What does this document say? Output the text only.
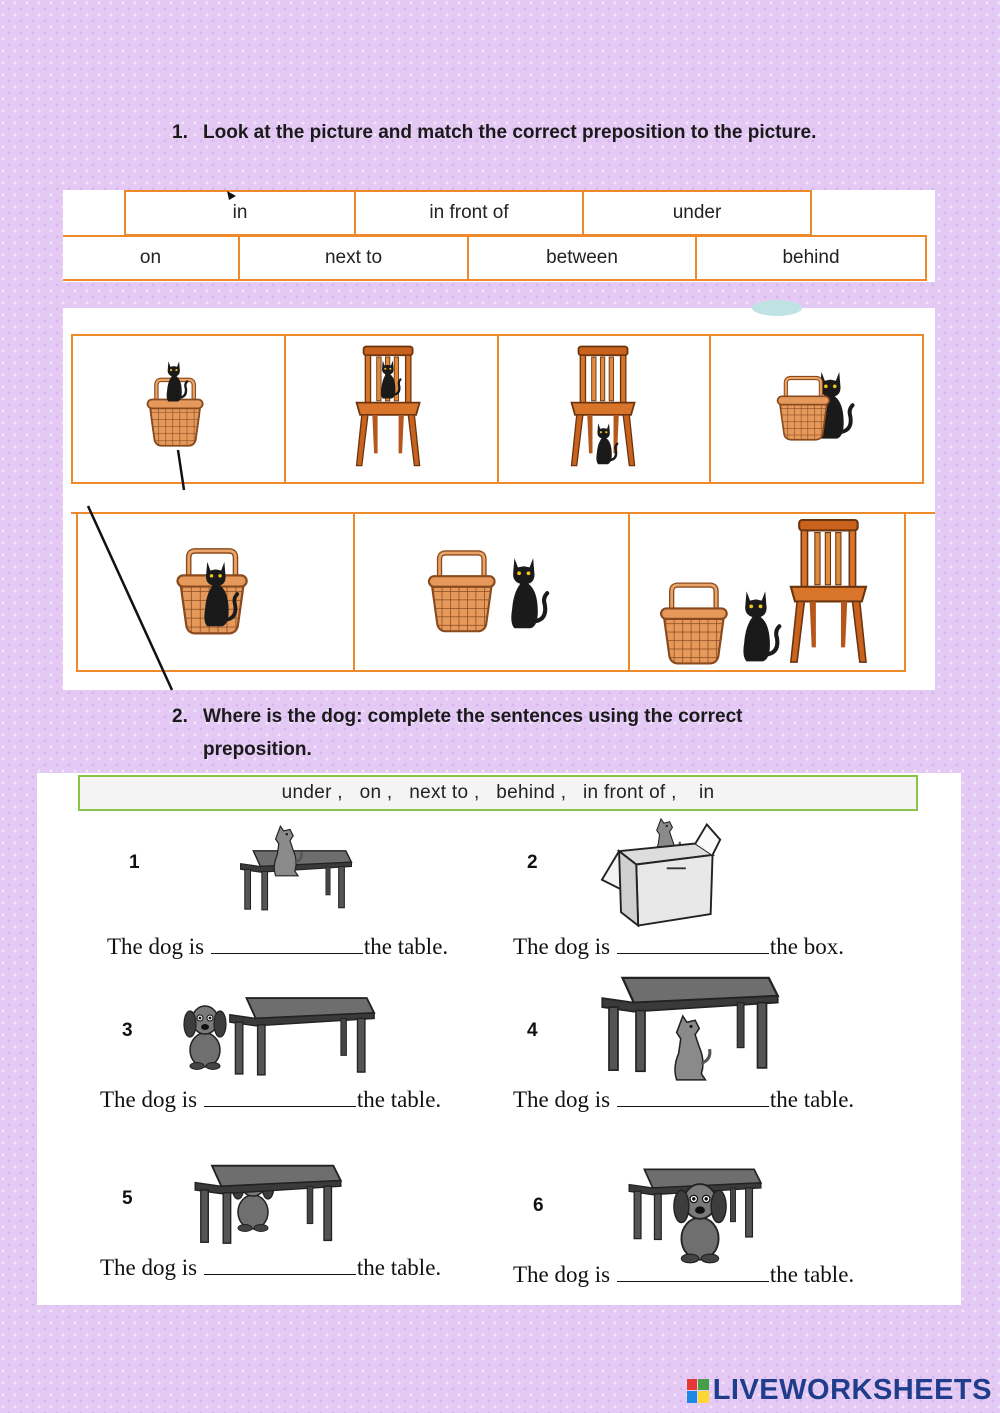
1. Look at the picture and match the correct preposition to the picture.
in	in front of	under
on	next to	between	behind
2. Where is the dog: complete the sentences using the correct preposition.
under ,   on ,   next to ,   behind ,   in front of ,    in
1
The dog is	the table.
2
The dog is	the box.
3
The dog is	the table.
4
The dog is	the table.
5
The dog is	the table.
6
The dog is	the table.
LIVEWORKSHEETS
